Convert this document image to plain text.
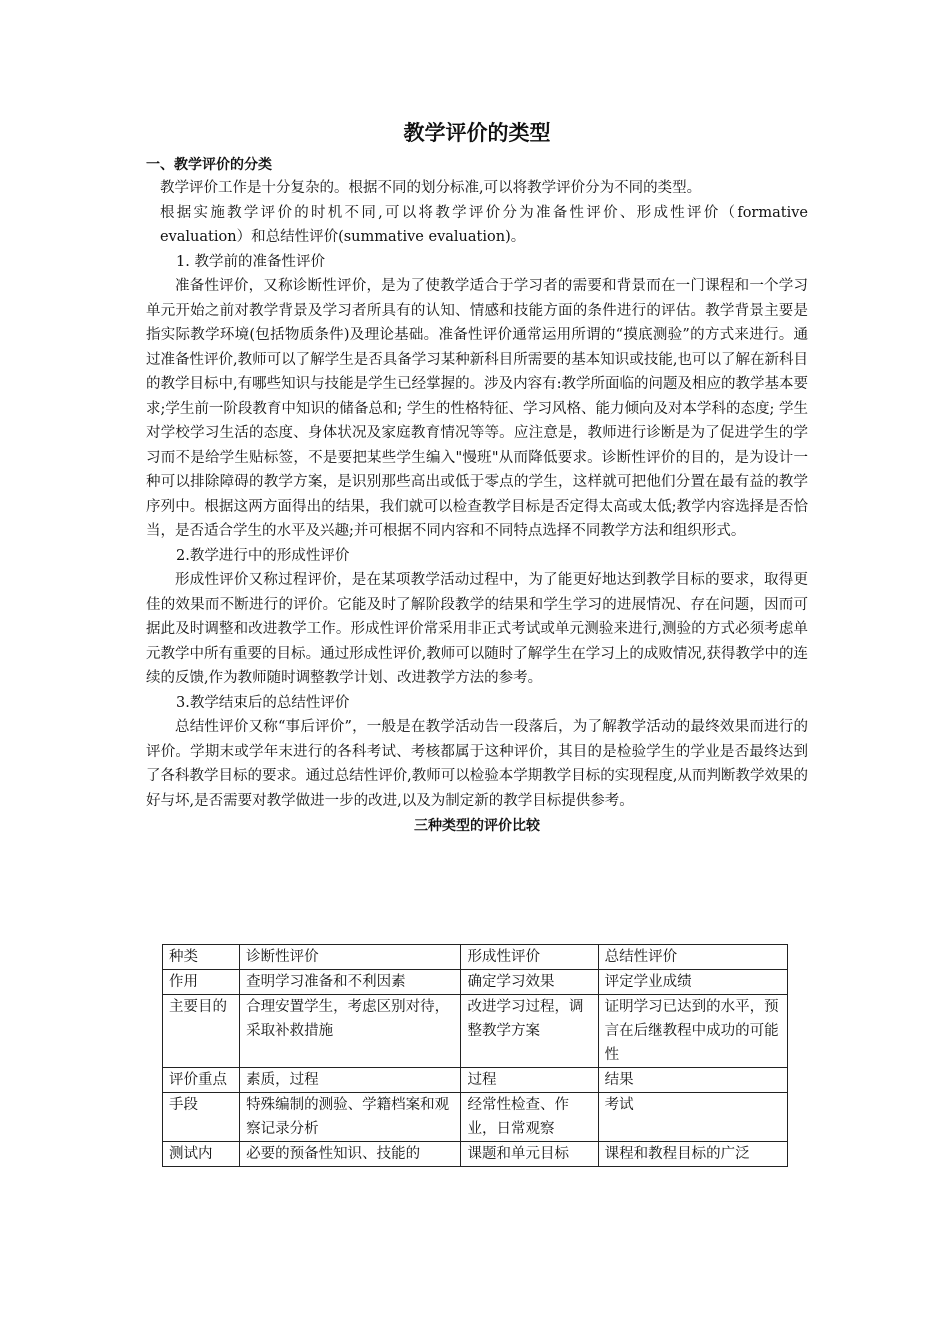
教学评价的类型
一、教学评价的分类

教学评价工作是十分复杂的。根据不同的划分标准,可以将教学评价分为不同的类型。

根据实施教学评价的时机不同,可以将教学评价分为准备性评价、形成性评价（formative evaluation）和总结性评价(summative evaluation)。

1. 教学前的准备性评价

准备性评价，又称诊断性评价，是为了使教学适合于学习者的需要和背景而在一门课程和一个学习单元开始之前对教学背景及学习者所具有的认知、情感和技能方面的条件进行的评估。教学背景主要是指实际教学环境(包括物质条件)及理论基础。准备性评价通常运用所谓的“摸底测验”的方式来进行。通过准备性评价,教师可以了解学生是否具备学习某种新科目所需要的基本知识或技能,也可以了解在新科目的教学目标中,有哪些知识与技能是学生已经掌握的。涉及内容有:教学所面临的问题及相应的教学基本要求;学生前一阶段教育中知识的储备总和; 学生的性格特征、学习风格、能力倾向及对本学科的态度; 学生对学校学习生活的态度、身体状况及家庭教育情况等等。应注意是，教师进行诊断是为了促进学生的学习而不是给学生贴标签，不是要把某些学生编入"慢班"从而降低要求。诊断性评价的目的，是为设计一种可以排除障碍的教学方案，是识别那些高出或低于零点的学生，这样就可把他们分置在最有益的教学序列中。根据这两方面得出的结果，我们就可以检查教学目标是否定得太高或太低;教学内容选择是否恰当，是否适合学生的水平及兴趣;并可根据不同内容和不同特点选择不同教学方法和组织形式。

2.教学进行中的形成性评价

形成性评价又称过程评价，是在某项教学活动过程中，为了能更好地达到教学目标的要求，取得更佳的效果而不断进行的评价。它能及时了解阶段教学的结果和学生学习的进展情况、存在问题，因而可据此及时调整和改进教学工作。形成性评价常采用非正式考试或单元测验来进行,测验的方式必须考虑单元教学中所有重要的目标。通过形成性评价,教师可以随时了解学生在学习上的成败情况,获得教学中的连续的反馈,作为教师随时调整教学计划、改进教学方法的参考。

3.教学结束后的总结性评价

总结性评价又称“事后评价”，一般是在教学活动告一段落后，为了解教学活动的最终效果而进行的评价。学期末或学年末进行的各科考试、考核都属于这种评价，其目的是检验学生的学业是否最终达到了各科教学目标的要求。通过总结性评价,教师可以检验本学期教学目标的实现程度,从而判断教学效果的好与坏,是否需要对教学做进一步的改进,以及为制定新的教学目标提供参考。

三种类型的评价比较
种类	诊断性评价	形成性评价	总结性评价
作用	查明学习准备和不利因素	确定学习效果	评定学业成绩
主要目的	合理安置学生，考虑区别对待，采取补救措施	改进学习过程，调整教学方案	证明学习已达到的水平，预言在后继教程中成功的可能性
评价重点	素质，过程	过程	结果
手段	特殊编制的测验、学籍档案和观察记录分析	经常性检查、作业，日常观察	考试
测试内	必要的预备性知识、技能的	课题和单元目标	课程和教程目标的广泛
